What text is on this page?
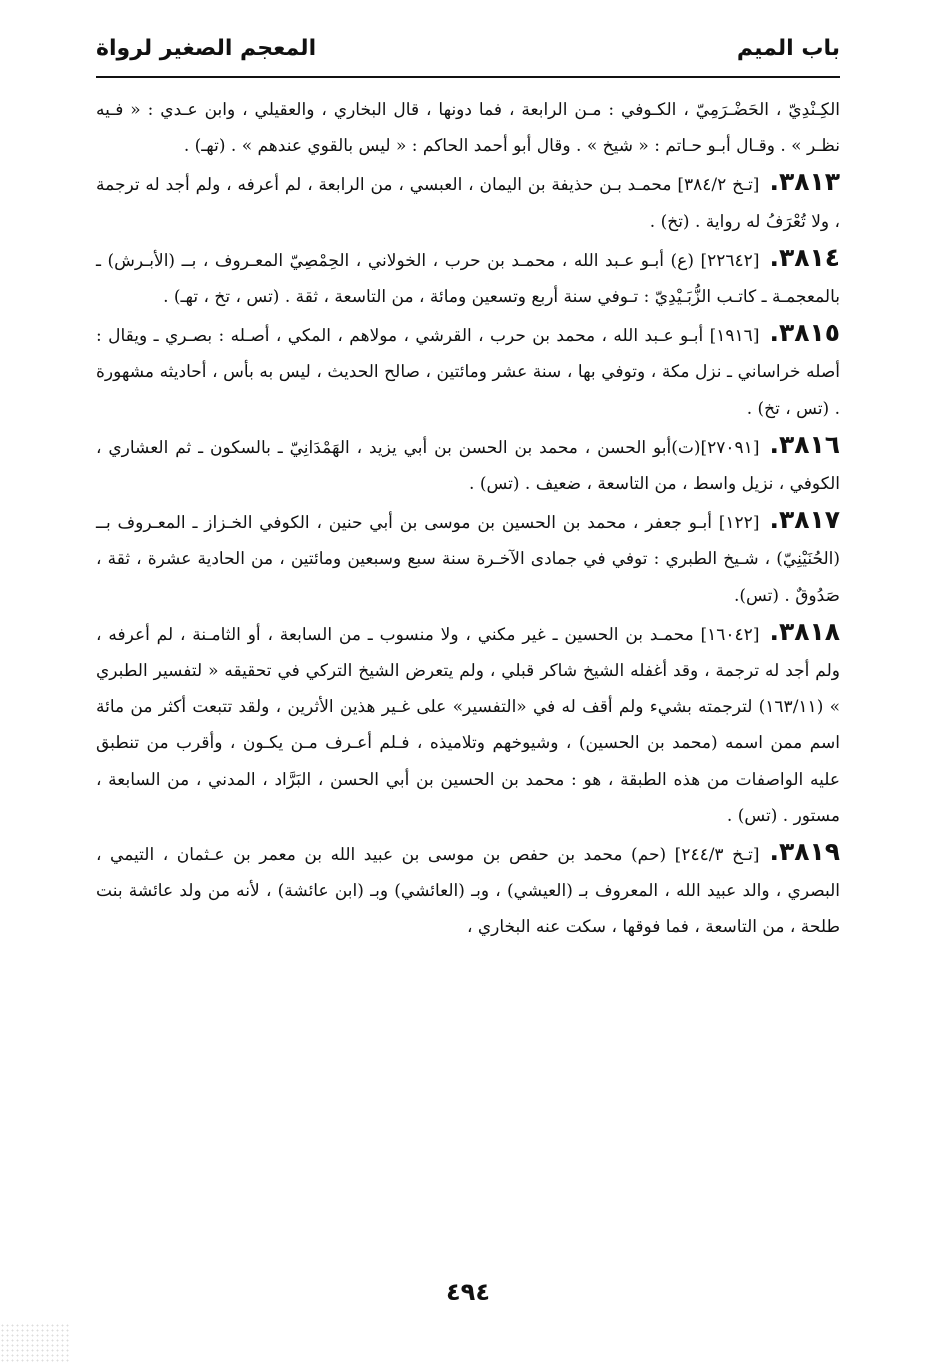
باب الميم
المعجم الصغير لرواة

الكِـنْدِيّ ، الحَضْـرَمِيّ ، الكـوفي : مـن الرابعة ، فما دونها ، قال البخاري ، والعقيلي ، وابن عـدي : « فـيه نظـر » . وقـال أبـو حـاتم : « شيخ » . وقال أبو أحمد الحاكم : « ليس بالقوي عندهم » . (تهـ) .

٣٨١٣.[تـخ ٣٨٤/٢] محمـد بـن حذيفة بن اليمان ، العبسي ، من الرابعة ، لم أعرفه ، ولم أجد له ترجمة ، ولا تُعْرَفُ له رواية . (تخ) .

٣٨١٤.[٢٢٦٤٢] (ع) أبـو عـبد الله ، محمـد بن حرب ، الخولاني ، الحِمْصِيّ المعـروف ، بــ (الأبـرش) ـ بالمعجمـة ـ كاتـب الزُّبَـيْدِيّ : تـوفي سنة أربع وتسعين ومائة ، من التاسعة ، ثقة . (تس ، تخ ، تهـ) .

٣٨١٥.[١٩١٦] أبـو عـبد الله ، محمد بن حرب ، القرشي ، مولاهم ، المكي ، أصـله : بصـري ـ ويقال : أصله خراساني ـ نزل مكة ، وتوفي بها ، سنة عشر ومائتين ، صالح الحديث ، ليس به بأس ، أحاديثه مشهورة . (تس ، تخ) .

٣٨١٦.[٢٧٠٩١](ت)أبو الحسن ، محمد بن الحسن بن أبي يزيد ، الهَمْدَانِيّ ـ بالسكون ـ ثم العشاري ، الكوفي ، نزيل واسط ، من التاسعة ، ضعيف . (تس) .

٣٨١٧.[١٢٢] أبـو جعفر ، محمد بن الحسين بن موسى بن أبي حنين ، الكوفي الخـزاز ـ المعـروف بــ (الحُنَيْنِيّ) ، شـيخ الطبري : توفي في جمادى الآخـرة سنة سبع وسبعين ومائتين ، من الحادية عشرة ، ثقة ، صَدُوقٌ . (تس).

٣٨١٨.[١٦٠٤٢] محمـد بن الحسين ـ غير مكني ، ولا منسوب ـ من السابعة ، أو الثامـنة ، لم أعرفه ، ولم أجد له ترجمة ، وقد أغفله الشيخ شاكر قبلي ، ولم يتعرض الشيخ التركي في تحقيقه « لتفسير الطبري » (١٦٣/١١) لترجمته بشيء ولم أقف له في «التفسير» على غـير هذين الأثرين ، ولقد تتبعت أكثر من مائة اسم ممن اسمه (محمد بن الحسين) ، وشيوخهم وتلاميذه ، فـلم أعـرف مـن يكـون ، وأقرب من تنطبق عليه الواصفات من هذه الطبقة ، هو : محمد بن الحسين بن أبي الحسن ، البَرَّاد ، المدني ، من السابعة ، مستور . (تس) .

٣٨١٩.[تـخ ٢٤٤/٣] (حم) محمد بن حفص بن موسى بن عبيد الله بن معمر بن عـثمان ، التيمي ، البصري ، والد عبيد الله ، المعروف بـ (العيشي) ، وبـ (العائشي) وبـ (ابن عائشة) ، لأنه من ولد عائشة بنت طلحة ، من التاسعة ، فما فوقها ، سكت عنه البخاري ،

٤٩٤
